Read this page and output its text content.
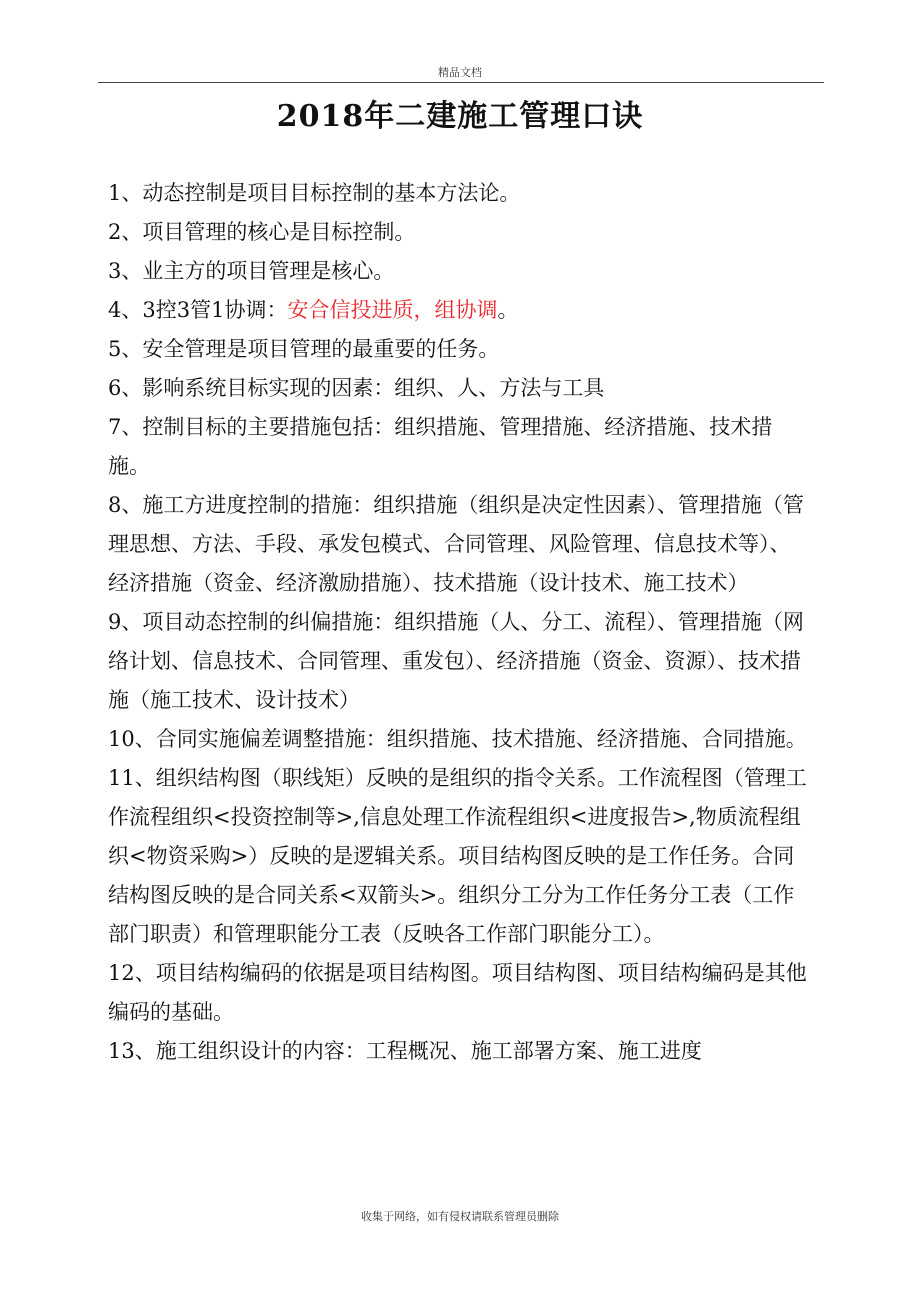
精品文档
2018年二建施工管理口诀

1、动态控制是项目目标控制的基本方法论。

2、项目管理的核心是目标控制。

3、业主方的项目管理是核心。

4、3控3管1协调：安合信投进质，组协调。

5、安全管理是项目管理的最重要的任务。

6、影响系统目标实现的因素：组织、人、方法与工具

7、控制目标的主要措施包括：组织措施、管理措施、经济措施、技术措施。

8、施工方进度控制的措施：组织措施（组织是决定性因素）、管理措施（管理思想、方法、手段、承发包模式、合同管理、风险管理、信息技术等）、经济措施（资金、经济激励措施）、技术措施（设计技术、施工技术）

9、项目动态控制的纠偏措施：组织措施（人、分工、流程）、管理措施（网络计划、信息技术、合同管理、重发包）、经济措施（资金、资源）、技术措施（施工技术、设计技术）

10、合同实施偏差调整措施：组织措施、技术措施、经济措施、合同措施。

11、组织结构图（职线矩）反映的是组织的指令关系。工作流程图（管理工作流程组织<投资控制等>,信息处理工作流程组织<进度报告>,物质流程组织<物资采购>）反映的是逻辑关系。项目结构图反映的是工作任务。合同结构图反映的是合同关系<双箭头>。组织分工分为工作任务分工表（工作部门职责）和管理职能分工表（反映各工作部门职能分工）。

12、项目结构编码的依据是项目结构图。项目结构图、项目结构编码是其他编码的基础。

13、施工组织设计的内容：工程概况、施工部署方案、施工进度

收集于网络，如有侵权请联系管理员删除
